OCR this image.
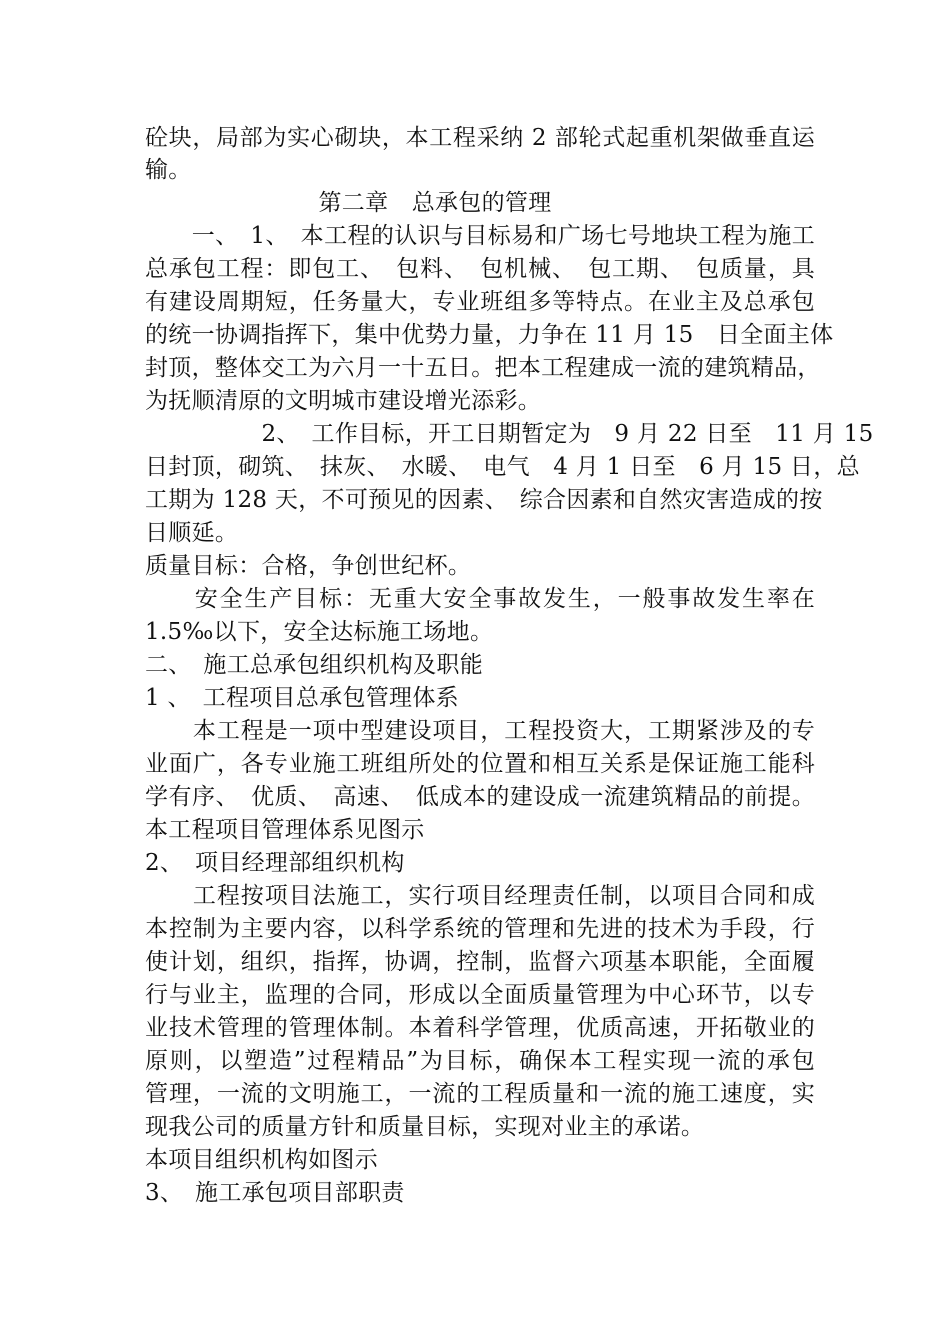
砼块，局部为实心砌块，本工程采纳 2 部轮式起重机架做垂直运
输。
第二章　总承包的管理
　　一、　1、　本工程的认识与目标易和广场七号地块工程为施工
总承包工程：即包工、　包料、　包机械、　包工期、　包质量，具
有建设周期短，任务量大，专业班组多等特点。在业主及总承包
的统一协调指挥下，集中优势力量，力争在 11 月 15　日全面主体
封顶，整体交工为六月一十五日。把本工程建成一流的建筑精品，
为抚顺清原的文明城市建设增光添彩。
　　　　　2、　工作目标，开工日期暂定为　9 月 22 日至　11 月 15
日封顶，砌筑、　抹灰、　水暖、　电气　4 月 1 日至　6 月 15 日，总
工期为 128 天，不可预见的因素、　综合因素和自然灾害造成的按
日顺延。
质量目标：合格，争创世纪杯。
　　安全生产目标：无重大安全事故发生，一般事故发生率在
1.5‰以下，安全达标施工场地。
二、　施工总承包组织机构及职能
1 、　工程项目总承包管理体系
　　本工程是一项中型建设项目，工程投资大，工期紧涉及的专
业面广，各专业施工班组所处的位置和相互关系是保证施工能科
学有序、　优质、　高速、　低成本的建设成一流建筑精品的前提。
本工程项目管理体系见图示
2、　项目经理部组织机构
　　工程按项目法施工，实行项目经理责任制，以项目合同和成
本控制为主要内容，以科学系统的管理和先进的技术为手段，行
使计划，组织，指挥，协调，控制，监督六项基本职能，全面履
行与业主，监理的合同，形成以全面质量管理为中心环节，以专
业技术管理的管理体制。本着科学管理，优质高速，开拓敬业的
原则，以塑造”过程精品”为目标，确保本工程实现一流的承包
管理，一流的文明施工，一流的工程质量和一流的施工速度，实
现我公司的质量方针和质量目标，实现对业主的承诺。
本项目组织机构如图示
3、　施工承包项目部职责
